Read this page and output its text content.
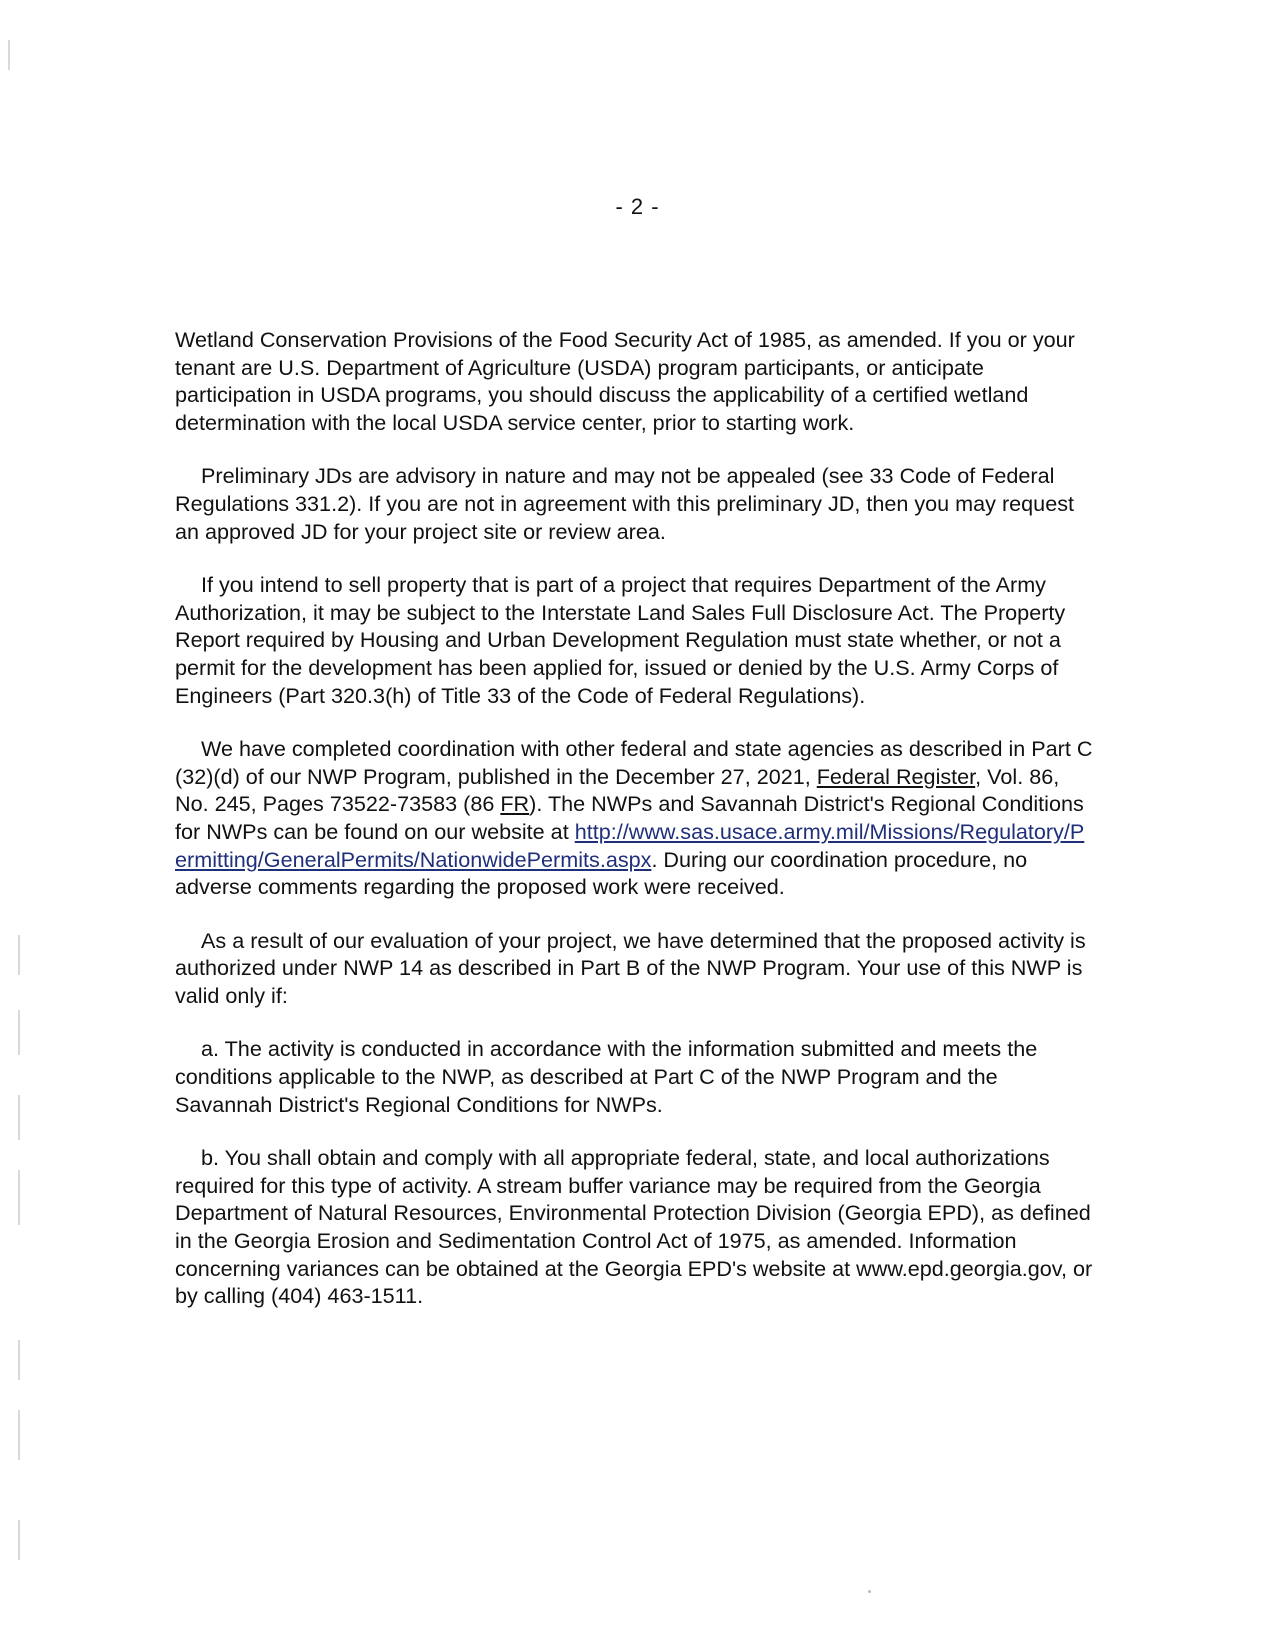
- 2 -

Wetland Conservation Provisions of the Food Security Act of 1985, as amended. If you or your tenant are U.S. Department of Agriculture (USDA) program participants, or anticipate participation in USDA programs, you should discuss the applicability of a certified wetland determination with the local USDA service center, prior to starting work.

Preliminary JDs are advisory in nature and may not be appealed (see 33 Code of Federal Regulations 331.2). If you are not in agreement with this preliminary JD, then you may request an approved JD for your project site or review area.

If you intend to sell property that is part of a project that requires Department of the Army Authorization, it may be subject to the Interstate Land Sales Full Disclosure Act. The Property Report required by Housing and Urban Development Regulation must state whether, or not a permit for the development has been applied for, issued or denied by the U.S. Army Corps of Engineers (Part 320.3(h) of Title 33 of the Code of Federal Regulations).

We have completed coordination with other federal and state agencies as described in Part C (32)(d) of our NWP Program, published in the December 27, 2021, Federal Register, Vol. 86, No. 245, Pages 73522-73583 (86 FR). The NWPs and Savannah District's Regional Conditions for NWPs can be found on our website at http://www.sas.usace.army.mil/Missions/Regulatory/Permitting/GeneralPermits/NationwidePermits.aspx. During our coordination procedure, no adverse comments regarding the proposed work were received.

As a result of our evaluation of your project, we have determined that the proposed activity is authorized under NWP 14 as described in Part B of the NWP Program. Your use of this NWP is valid only if:

a. The activity is conducted in accordance with the information submitted and meets the conditions applicable to the NWP, as described at Part C of the NWP Program and the Savannah District's Regional Conditions for NWPs.

b. You shall obtain and comply with all appropriate federal, state, and local authorizations required for this type of activity. A stream buffer variance may be required from the Georgia Department of Natural Resources, Environmental Protection Division (Georgia EPD), as defined in the Georgia Erosion and Sedimentation Control Act of 1975, as amended. Information concerning variances can be obtained at the Georgia EPD's website at www.epd.georgia.gov, or by calling (404) 463-1511.
